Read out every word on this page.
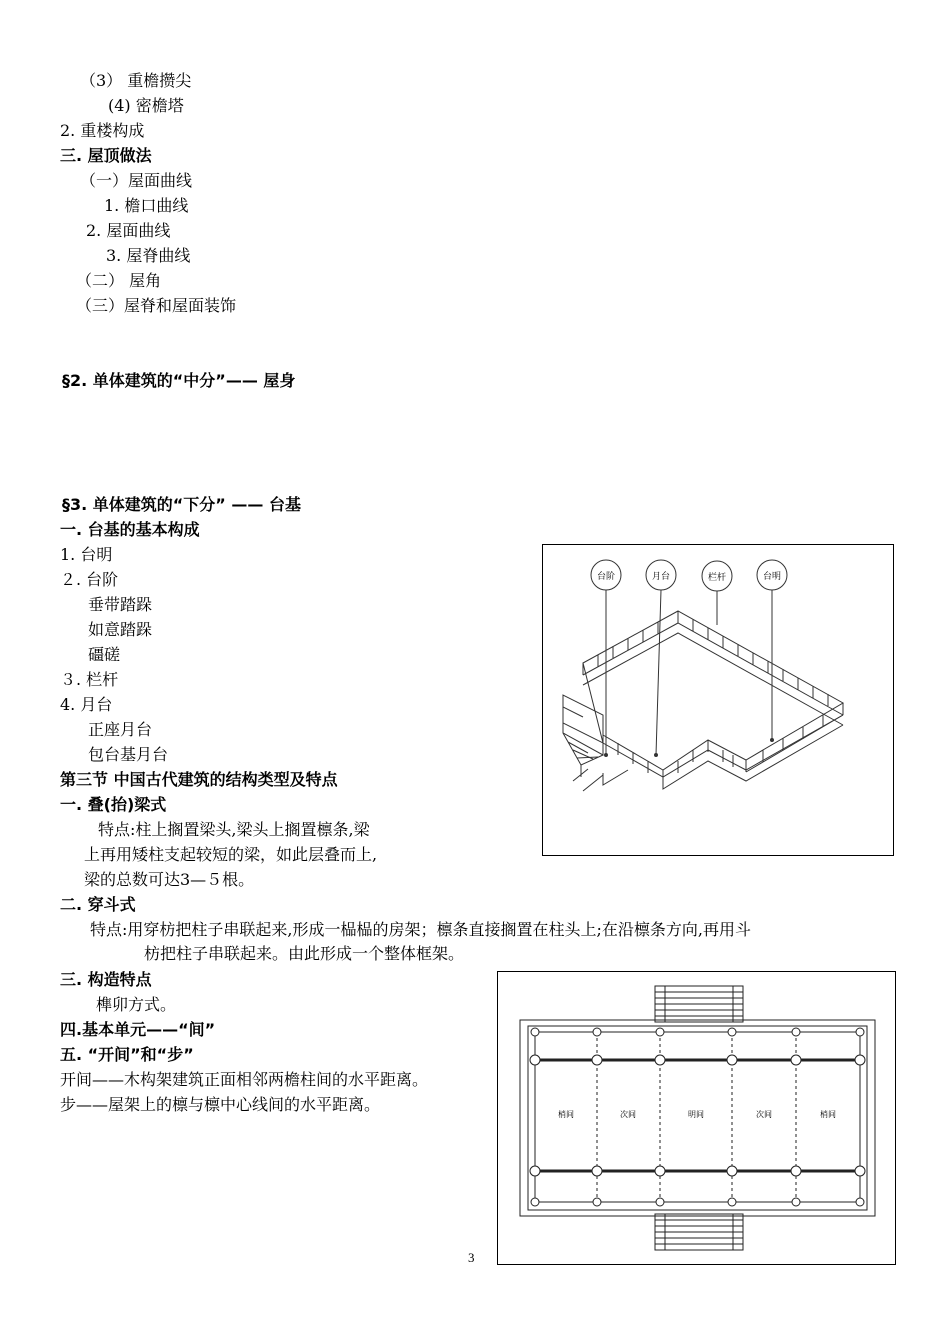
（3） 重檐攒尖
(4) 密檐塔
2. 重楼构成
三. 屋顶做法
（一）屋面曲线
1. 檐口曲线
2. 屋面曲线
3. 屋脊曲线
（二） 屋角
（三）屋脊和屋面装饰
§2. 单体建筑的“中分”—— 屋身
§3. 单体建筑的“下分” —— 台基
一. 台基的基本构成
1. 台明
２. 台阶
垂带踏跺
如意踏跺
礓磋
３. 栏杆
4. 月台
正座月台
包台基月台
第三节 中国古代建筑的结构类型及特点
一. 叠(抬)梁式
特点:柱上搁置梁头,梁头上搁置檩条,梁
上再用矮柱支起较短的梁，如此层叠而上,
梁的总数可达3—５根。
二. 穿斗式
特点:用穿枋把柱子串联起来,形成一榀榀的房架；檩条直接搁置在柱头上;在沿檩条方向,再用斗
枋把柱子串联起来。由此形成一个整体框架。
三. 构造特点
榫卯方式。
四.基本单元——“间”
五. “开间”和“步”
开间——木构架建筑正面相邻两檐柱间的水平距离。
步——屋架上的檩与檩中心线间的水平距离。
台阶	月台	栏杆	台明
梢间	次间	明间	次间	梢间
3
